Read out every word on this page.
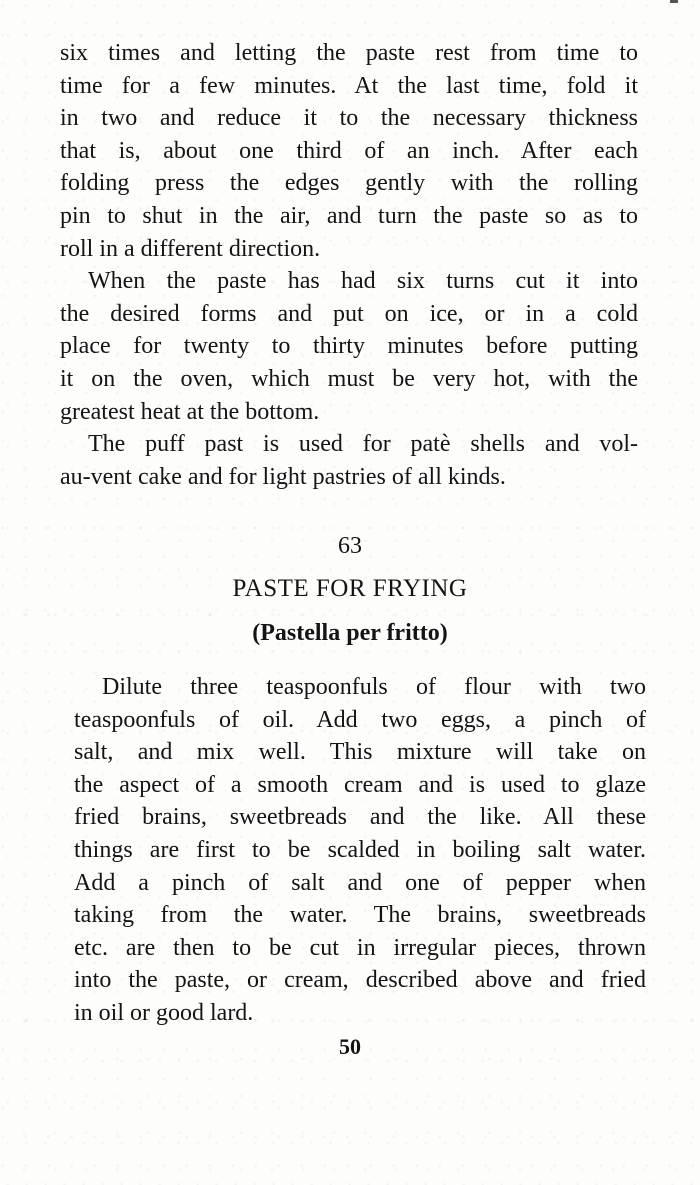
six times and letting the paste rest from time to
time for a few minutes. At the last time, fold it
in two and reduce it to the necessary thickness
that is, about one third of an inch. After each
folding press the edges gently with the rolling
pin to shut in the air, and turn the paste so as to
roll in a different direction.
When the paste has had six turns cut it into
the desired forms and put on ice, or in a cold
place for twenty to thirty minutes before putting
it on the oven, which must be very hot, with the
greatest heat at the bottom.
The puff past is used for patè shells and vol-
au-vent cake and for light pastries of all kinds.
63
PASTE FOR FRYING
(Pastella per fritto)
Dilute three teaspoonfuls of flour with two
teaspoonfuls of oil. Add two eggs, a pinch of
salt, and mix well. This mixture will take on
the aspect of a smooth cream and is used to glaze
fried brains, sweetbreads and the like. All these
things are first to be scalded in boiling salt water.
Add a pinch of salt and one of pepper when
taking from the water. The brains, sweetbreads
etc. are then to be cut in irregular pieces, thrown
into the paste, or cream, described above and fried
in oil or good lard.
50
